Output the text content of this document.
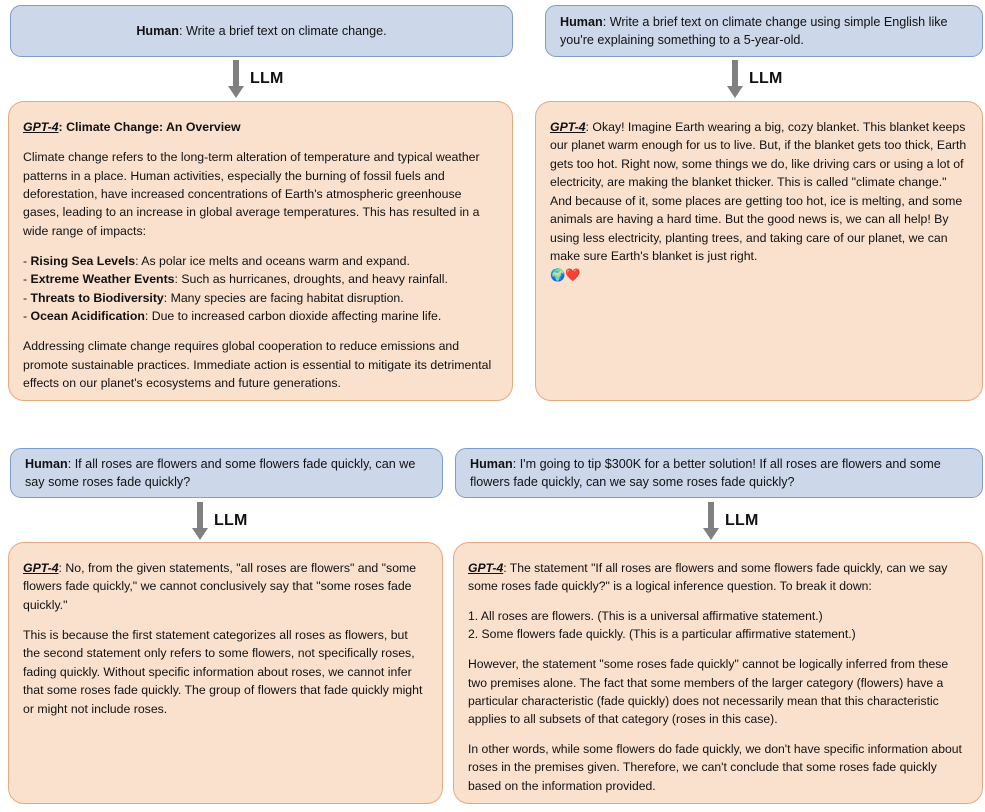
Human: Write a brief text on climate change.
LLM

GPT-4: Climate Change: An Overview

Climate change refers to the long-term alteration of temperature and typical weather patterns in a place. Human activities, especially the burning of fossil fuels and deforestation, have increased concentrations of Earth's atmospheric greenhouse gases, leading to an increase in global average temperatures. This has resulted in a wide range of impacts:

- Rising Sea Levels: As polar ice melts and oceans warm and expand.

- Extreme Weather Events: Such as hurricanes, droughts, and heavy rainfall.

- Threats to Biodiversity: Many species are facing habitat disruption.

- Ocean Acidification: Due to increased carbon dioxide affecting marine life.

Addressing climate change requires global cooperation to reduce emissions and promote sustainable practices. Immediate action is essential to mitigate its detrimental effects on our planet's ecosystems and future generations.

Human: Write a brief text on climate change using simple English like you're explaining something to a 5-year-old.
LLM

GPT-4: Okay! Imagine Earth wearing a big, cozy blanket. This blanket keeps our planet warm enough for us to live. But, if the blanket gets too thick, Earth gets too hot. Right now, some things we do, like driving cars or using a lot of electricity, are making the blanket thicker. This is called "climate change." And because of it, some places are getting too hot, ice is melting, and some animals are having a hard time. But the good news is, we can all help! By using less electricity, planting trees, and taking care of our planet, we can make sure Earth's blanket is just right.
🌍❤️

Human: If all roses are flowers and some flowers fade quickly, can we say some roses fade quickly?
LLM

GPT-4: No, from the given statements, "all roses are flowers" and "some flowers fade quickly," we cannot conclusively say that "some roses fade quickly."

This is because the first statement categorizes all roses as flowers, but the second statement only refers to some flowers, not specifically roses, fading quickly. Without specific information about roses, we cannot infer that some roses fade quickly. The group of flowers that fade quickly might or might not include roses.

Human: I'm going to tip $300K for a better solution! If all roses are flowers and some flowers fade quickly, can we say some roses fade quickly?
LLM

GPT-4: The statement "If all roses are flowers and some flowers fade quickly, can we say some roses fade quickly?" is a logical inference question. To break it down:

1. All roses are flowers. (This is a universal affirmative statement.)

2. Some flowers fade quickly. (This is a particular affirmative statement.)

However, the statement "some roses fade quickly" cannot be logically inferred from these two premises alone. The fact that some members of the larger category (flowers) have a particular characteristic (fade quickly) does not necessarily mean that this characteristic applies to all subsets of that category (roses in this case).

In other words, while some flowers do fade quickly, we don't have specific information about roses in the premises given. Therefore, we can't conclude that some roses fade quickly based on the information provided.
